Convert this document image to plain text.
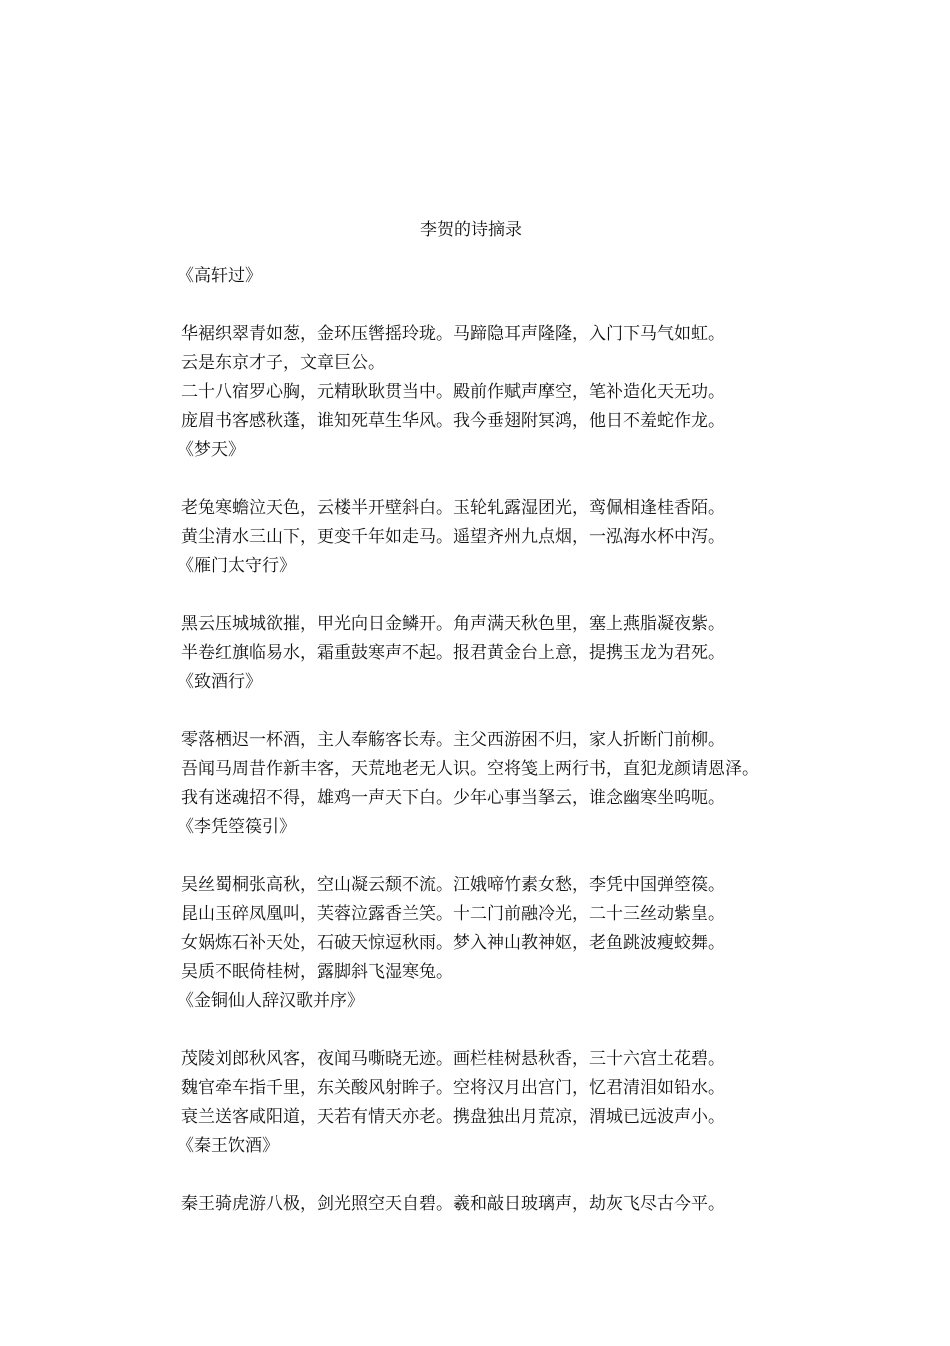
李贺的诗摘录
《高轩过》
华裾织翠青如葱，金环压辔摇玲珑。马蹄隐耳声隆隆，入门下马气如虹。
云是东京才子，文章巨公。
二十八宿罗心胸，元精耿耿贯当中。殿前作赋声摩空，笔补造化天无功。
庞眉书客感秋蓬，谁知死草生华风。我今垂翅附冥鸿，他日不羞蛇作龙。
《梦天》
老兔寒蟾泣天色，云楼半开壁斜白。玉轮轧露湿团光，鸾佩相逢桂香陌。
黄尘清水三山下，更变千年如走马。遥望齐州九点烟，一泓海水杯中泻。
《雁门太守行》
黑云压城城欲摧，甲光向日金鳞开。角声满天秋色里，塞上燕脂凝夜紫。
半卷红旗临易水，霜重鼓寒声不起。报君黄金台上意，提携玉龙为君死。
《致酒行》
零落栖迟一杯酒，主人奉觞客长寿。主父西游困不归，家人折断门前柳。
吾闻马周昔作新丰客，天荒地老无人识。空将笺上两行书，直犯龙颜请恩泽。
我有迷魂招不得，雄鸡一声天下白。少年心事当拏云，谁念幽寒坐呜呃。
《李凭箜篌引》
吴丝蜀桐张高秋，空山凝云颓不流。江娥啼竹素女愁，李凭中国弹箜篌。
昆山玉碎凤凰叫，芙蓉泣露香兰笑。十二门前融冷光，二十三丝动紫皇。
女娲炼石补天处，石破天惊逗秋雨。梦入神山教神妪，老鱼跳波瘦蛟舞。
吴质不眠倚桂树，露脚斜飞湿寒兔。
《金铜仙人辞汉歌并序》
茂陵刘郎秋风客，夜闻马嘶晓无迹。画栏桂树悬秋香，三十六宫土花碧。
魏官牵车指千里，东关酸风射眸子。空将汉月出宫门，忆君清泪如铅水。
衰兰送客咸阳道，天若有情天亦老。携盘独出月荒凉，渭城已远波声小。
《秦王饮酒》
秦王骑虎游八极，剑光照空天自碧。羲和敲日玻璃声，劫灰飞尽古今平。
